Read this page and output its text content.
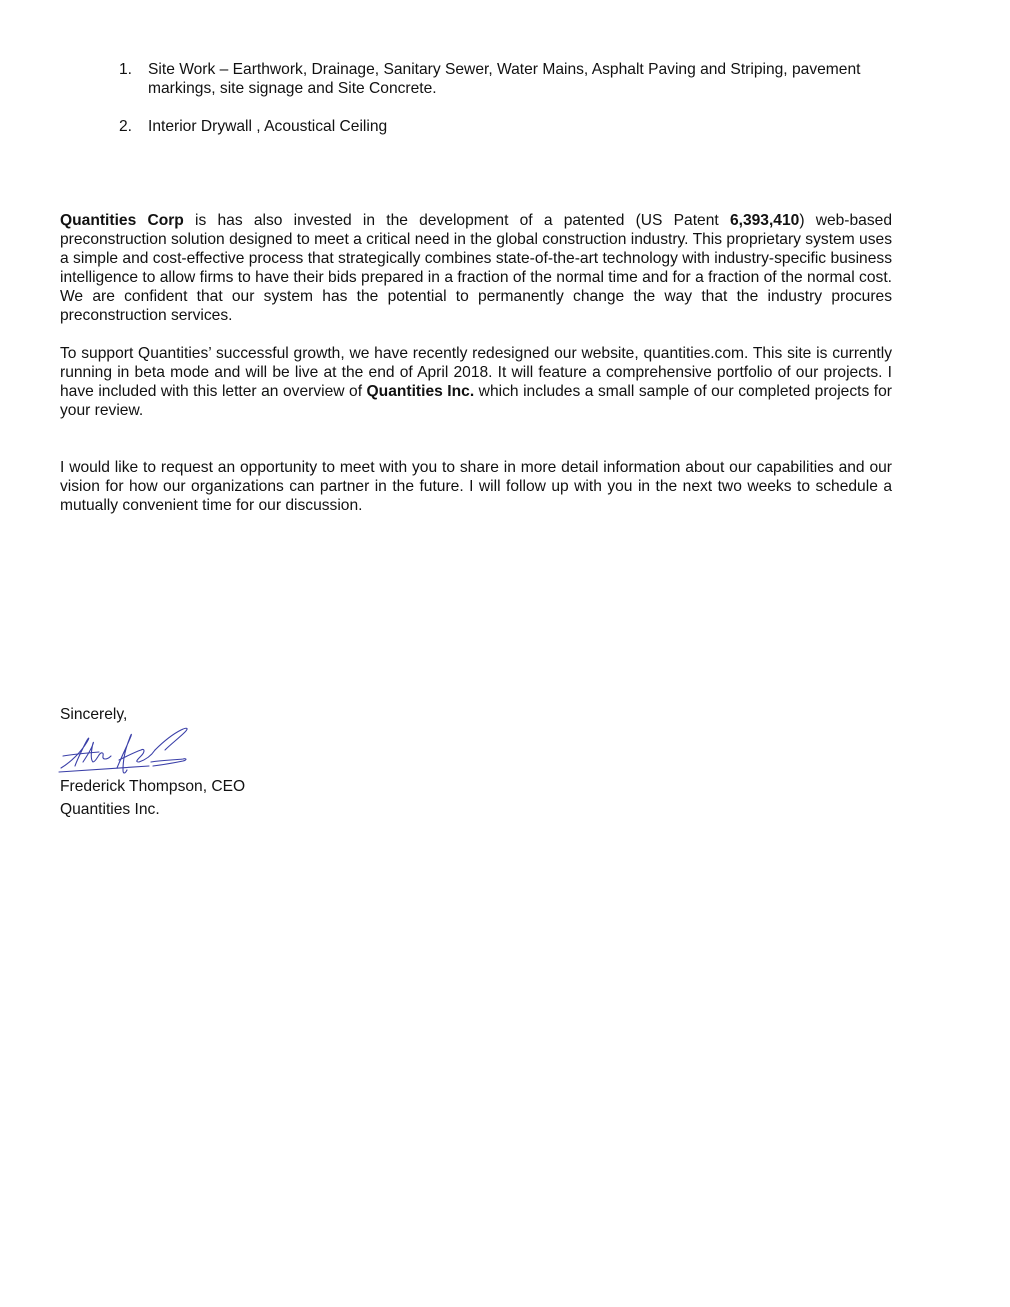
1.	Site Work – Earthwork, Drainage, Sanitary Sewer, Water Mains, Asphalt Paving and Striping, pavement markings, site signage and Site Concrete.
2.	Interior Drywall , Acoustical Ceiling

Quantities Corp is has also invested in the development of a patented (US Patent 6,393,410) web-based preconstruction solution designed to meet a critical need in the global construction industry. This proprietary system uses a simple and cost-effective process that strategically combines state-of-the-art technology with industry-specific business intelligence to allow firms to have their bids prepared in a fraction of the normal time and for a fraction of the normal cost. We are confident that our system has the potential to permanently change the way that the industry procures preconstruction services.

To support Quantities’ successful growth, we have recently redesigned our website, quantities.com. This site is currently running in beta mode and will be live at the end of April 2018. It will feature a comprehensive portfolio of our projects. I have included with this letter an overview of Quantities Inc. which includes a small sample of our completed projects for your review.

I would like to request an opportunity to meet with you to share in more detail information about our capabilities and our vision for how our organizations can partner in the future. I will follow up with you in the next two weeks to schedule a mutually convenient time for our discussion.

Sincerely,

Frederick Thompson, CEO

Quantities Inc.
